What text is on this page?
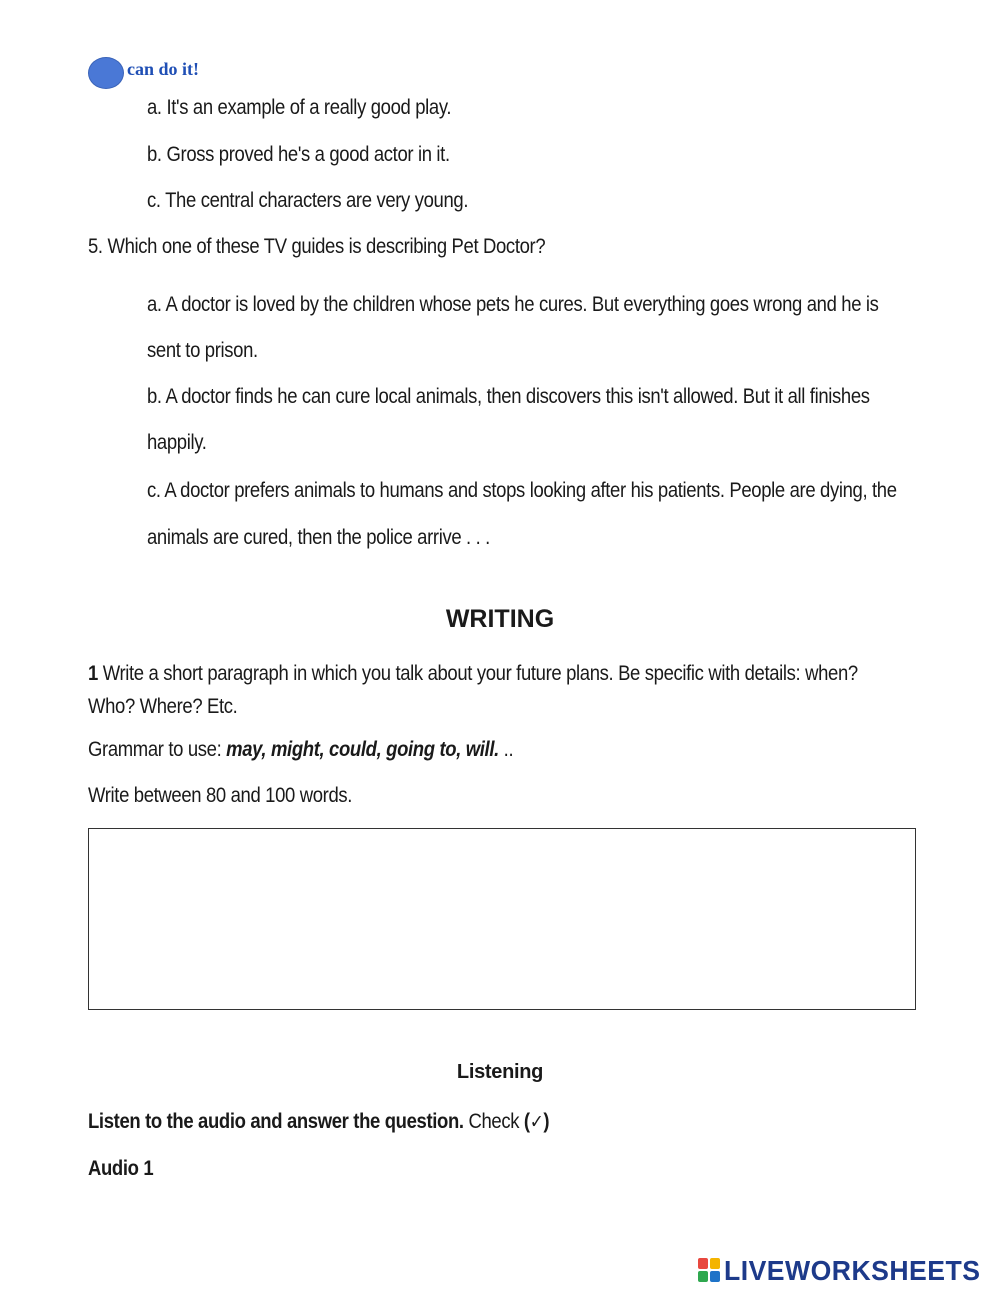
can do it!
a. It's an example of a really good play.
b. Gross proved he's a good actor in it.
c. The central characters are very young.
5. Which one of these TV guides is describing Pet Doctor?
a. A doctor is loved by the children whose pets he cures. But everything goes wrong and he is sent to prison.
b. A doctor finds he can cure local animals, then discovers this isn't allowed. But it all finishes happily.
c. A doctor prefers animals to humans and stops looking after his patients. People are dying, the animals are cured, then the police arrive . . .
WRITING
1 Write a short paragraph in which you talk about your future plans. Be specific with details: when? Who? Where? Etc.
Grammar to use: may, might, could, going to, will. ..
Write between 80 and 100 words.
Listening
Listen to the audio and answer the question. Check (✓)
Audio 1
LIVEWORKSHEETS
